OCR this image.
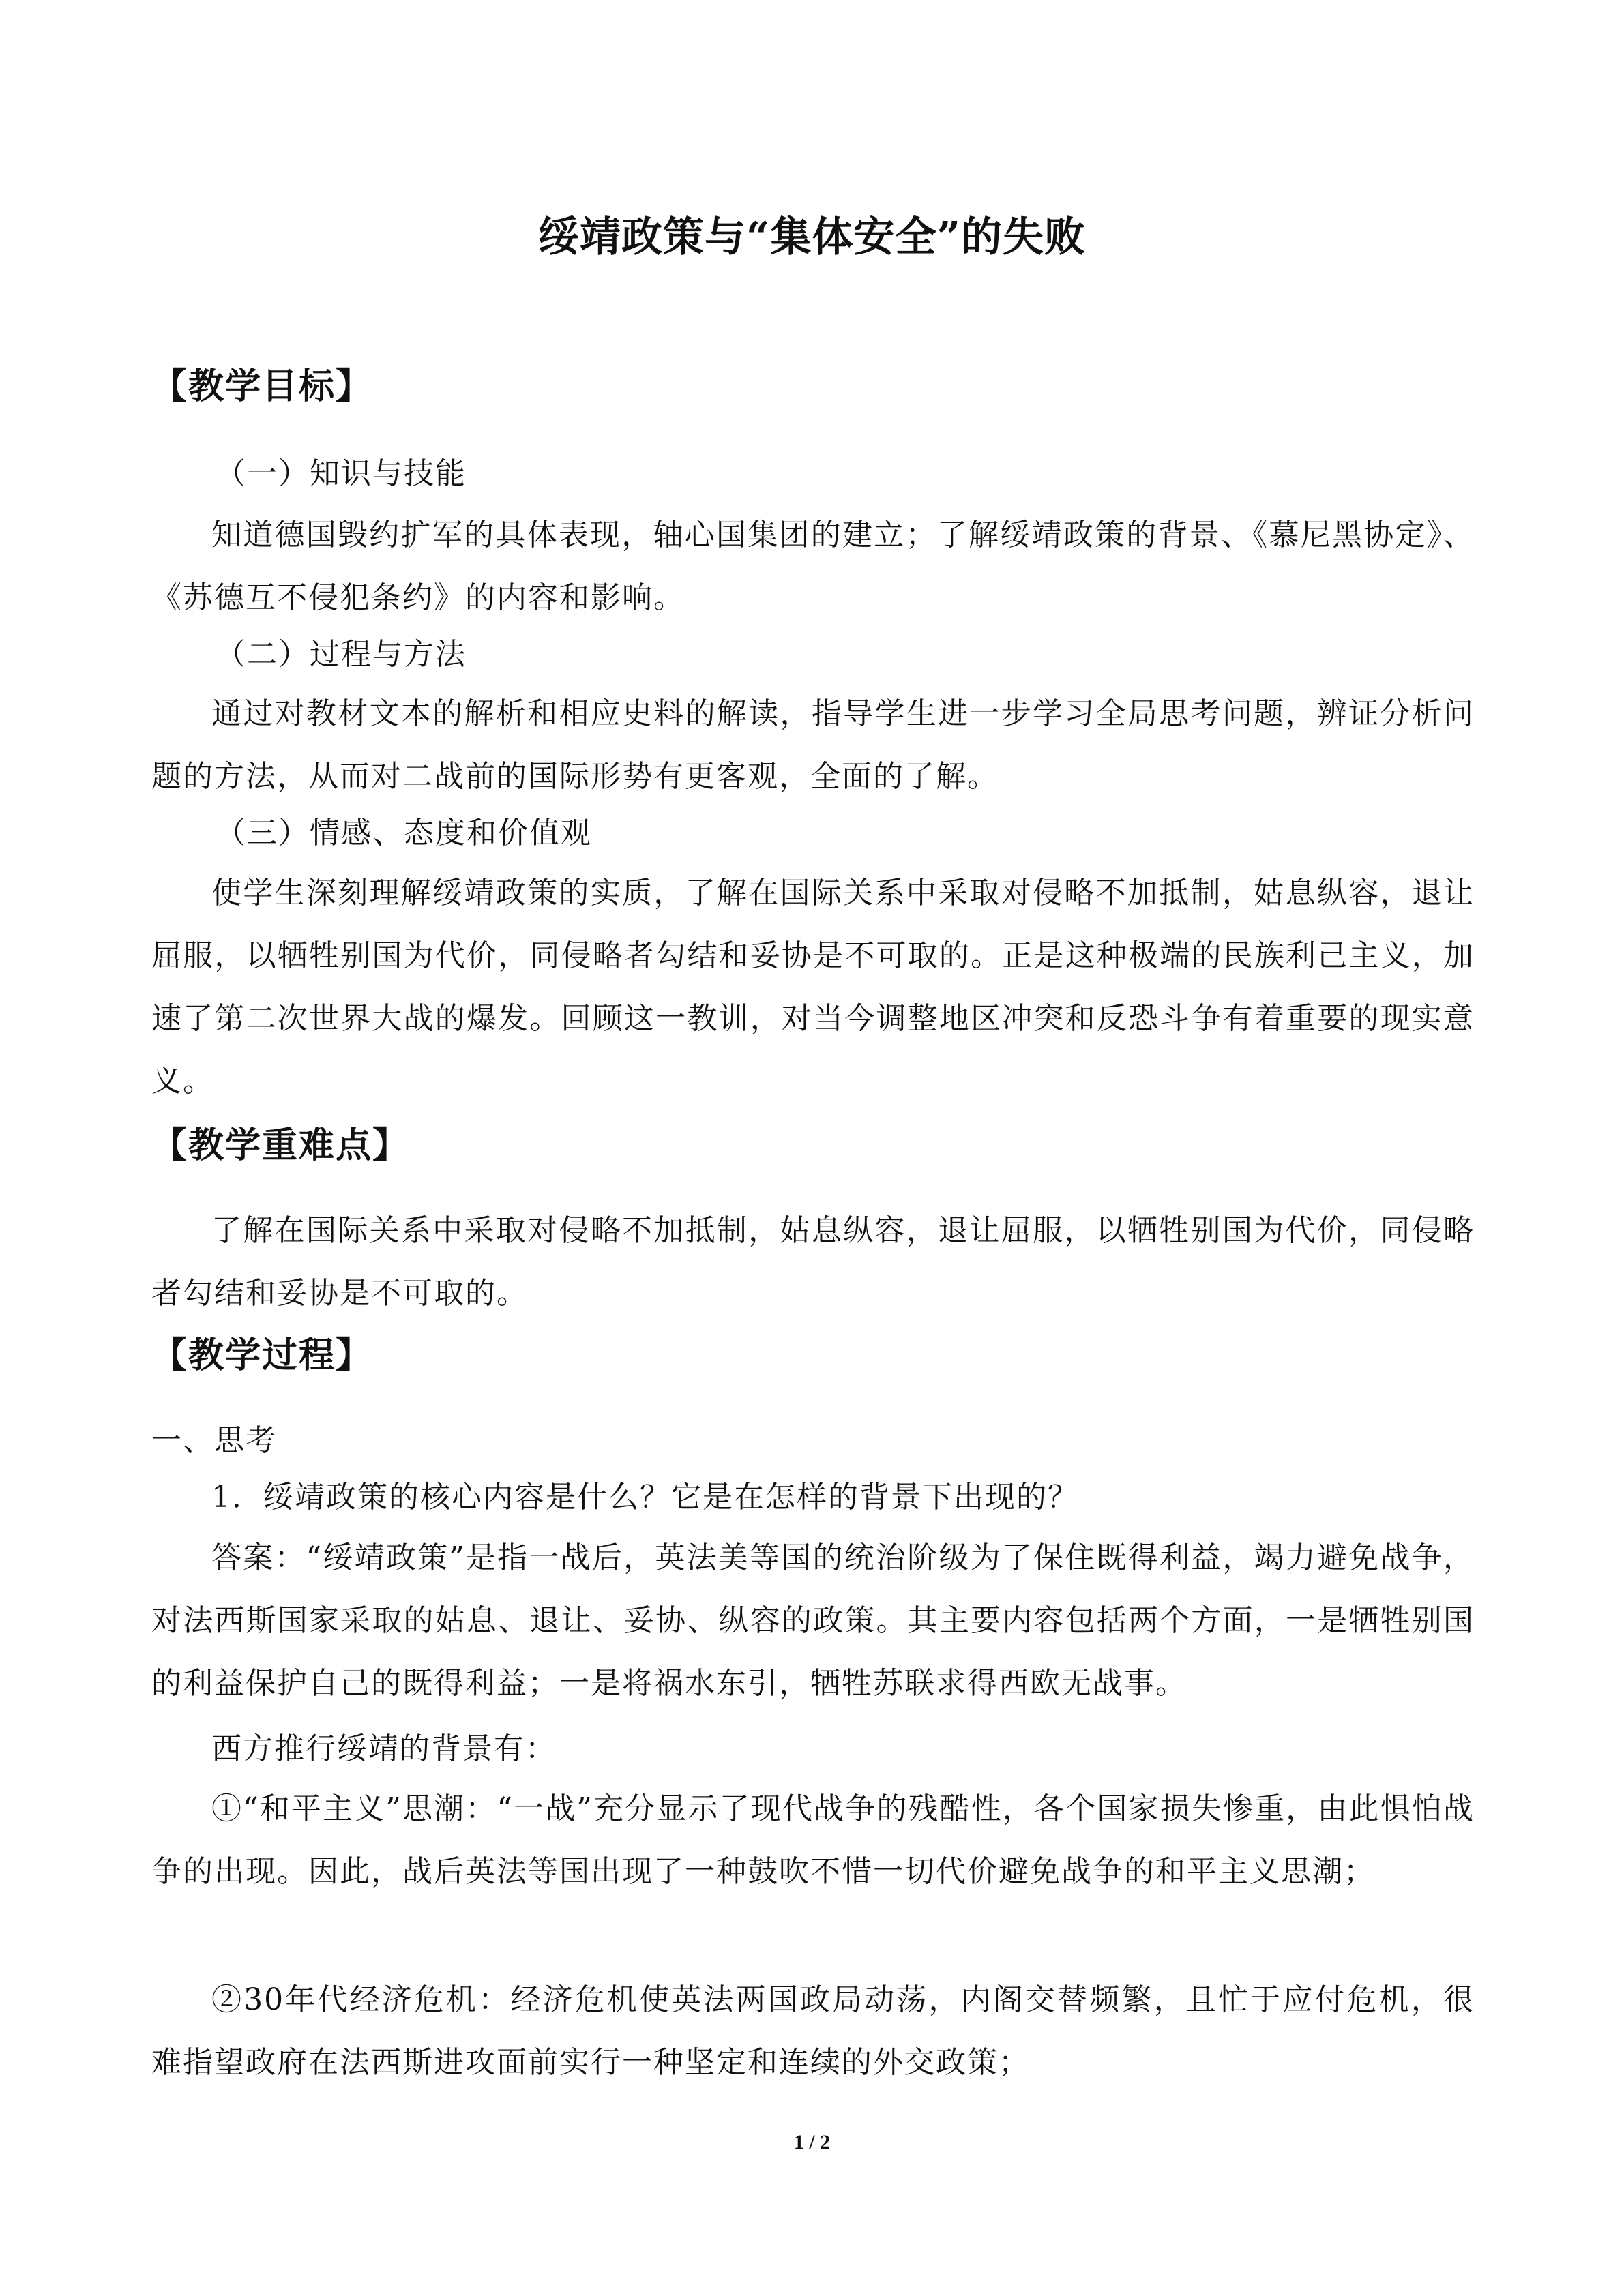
绥靖政策与“集体安全”的失败
【教学目标】
（一）知识与技能

知道德国毁约扩军的具体表现，轴心国集团的建立；了解绥靖政策的背景、《慕尼黑协定》、《苏德互不侵犯条约》的内容和影响。

（二）过程与方法

通过对教材文本的解析和相应史料的解读，指导学生进一步学习全局思考问题，辨证分析问题的方法，从而对二战前的国际形势有更客观，全面的了解。

（三）情感、态度和价值观

使学生深刻理解绥靖政策的实质，了解在国际关系中采取对侵略不加抵制，姑息纵容，退让屈服，以牺牲别国为代价，同侵略者勾结和妥协是不可取的。正是这种极端的民族利己主义，加速了第二次世界大战的爆发。回顾这一教训，对当今调整地区冲突和反恐斗争有着重要的现实意义。

【教学重难点】

了解在国际关系中采取对侵略不加抵制，姑息纵容，退让屈服，以牺牲别国为代价，同侵略者勾结和妥协是不可取的。

【教学过程】
一、思考

1．绥靖政策的核心内容是什么？它是在怎样的背景下出现的？

答案：“绥靖政策”是指一战后，英法美等国的统治阶级为了保住既得利益，竭力避免战争，对法西斯国家采取的姑息、退让、妥协、纵容的政策。其主要内容包括两个方面，一是牺牲别国的利益保护自己的既得利益；一是将祸水东引，牺牲苏联求得西欧无战事。

西方推行绥靖的背景有：

①“和平主义”思潮：“一战”充分显示了现代战争的残酷性，各个国家损失惨重，由此惧怕战争的出现。因此，战后英法等国出现了一种鼓吹不惜一切代价避免战争的和平主义思潮；

②30年代经济危机：经济危机使英法两国政局动荡，内阁交替频繁，且忙于应付危机，很难指望政府在法西斯进攻面前实行一种坚定和连续的外交政策；

1 / 2
